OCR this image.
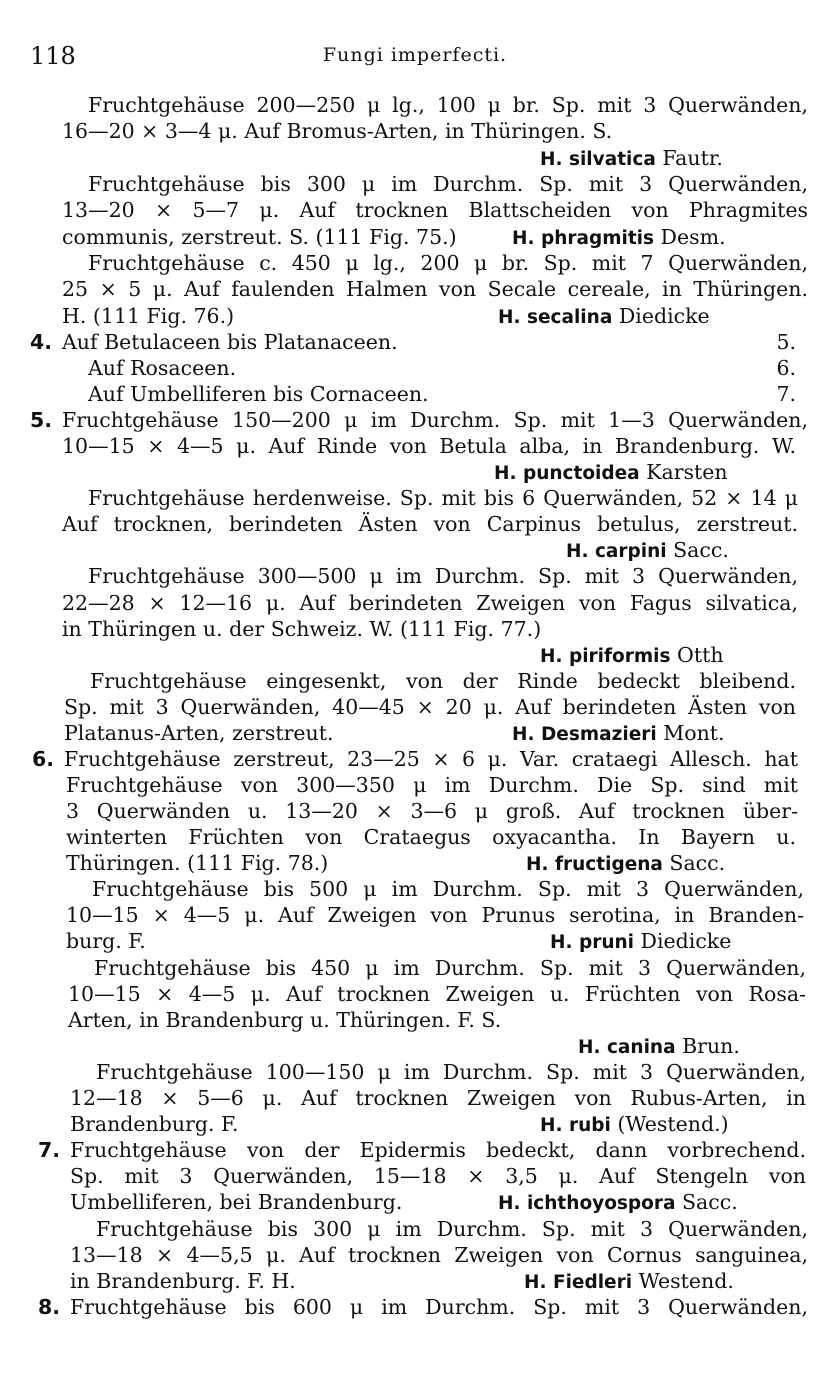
118	Fungi imperfecti.
Fruchtgehäuse 200—250 μ lg., 100 μ br. Sp. mit 3 Querwänden,
16—20 × 3—4 μ. Auf Bromus-Arten, in Thüringen. S.
H. silvatica Fautr.
Fruchtgehäuse bis 300 μ im Durchm. Sp. mit 3 Querwänden,
13—20 × 5—7 μ. Auf trocknen Blattscheiden von Phragmites
communis, zerstreut. S. (111 Fig. 75.)	H. phragmitis Desm.
Fruchtgehäuse c. 450 μ lg., 200 μ br. Sp. mit 7 Querwänden,
25 × 5 μ. Auf faulenden Halmen von Secale cereale, in Thüringen.
H. (111 Fig. 76.)	H. secalina Diedicke
4. Auf Betulaceen bis Platanaceen.	5.
Auf Rosaceen.	6.
Auf Umbelliferen bis Cornaceen.	7.
5. Fruchtgehäuse 150—200 μ im Durchm. Sp. mit 1—3 Querwänden,
10—15 × 4—5 μ. Auf Rinde von Betula alba, in Brandenburg. W.
H. punctoidea Karsten
Fruchtgehäuse herdenweise. Sp. mit bis 6 Querwänden, 52 × 14 μ
Auf trocknen, berindeten Ästen von Carpinus betulus, zerstreut.
H. carpini Sacc.
Fruchtgehäuse 300—500 μ im Durchm. Sp. mit 3 Querwänden,
22—28 × 12—16 μ. Auf berindeten Zweigen von Fagus silvatica,
in Thüringen u. der Schweiz. W. (111 Fig. 77.)
H. piriformis Otth
Fruchtgehäuse eingesenkt, von der Rinde bedeckt bleibend.
Sp. mit 3 Querwänden, 40—45 × 20 μ. Auf berindeten Ästen von
Platanus-Arten, zerstreut.	H. Desmazieri Mont.
6. Fruchtgehäuse zerstreut, 23—25 × 6 μ. Var. crataegi Allesch. hat
Fruchtgehäuse von 300—350 μ im Durchm. Die Sp. sind mit
3 Querwänden u. 13—20 × 3—6 μ groß. Auf trocknen über-
winterten Früchten von Crataegus oxyacantha. In Bayern u.
Thüringen. (111 Fig. 78.)	H. fructigena Sacc.
Fruchtgehäuse bis 500 μ im Durchm. Sp. mit 3 Querwänden,
10—15 × 4—5 μ. Auf Zweigen von Prunus serotina, in Branden-
burg. F.	H. pruni Diedicke
Fruchtgehäuse bis 450 μ im Durchm. Sp. mit 3 Querwänden,
10—15 × 4—5 μ. Auf trocknen Zweigen u. Früchten von Rosa-
Arten, in Brandenburg u. Thüringen. F. S.
H. canina Brun.
Fruchtgehäuse 100—150 μ im Durchm. Sp. mit 3 Querwänden,
12—18 × 5—6 μ. Auf trocknen Zweigen von Rubus-Arten, in
Brandenburg. F.	H. rubi (Westend.)
7. Fruchtgehäuse von der Epidermis bedeckt, dann vorbrechend.
Sp. mit 3 Querwänden, 15—18 × 3,5 μ. Auf Stengeln von
Umbelliferen, bei Brandenburg.	H. ichthoyospora Sacc.
Fruchtgehäuse bis 300 μ im Durchm. Sp. mit 3 Querwänden,
13—18 × 4—5,5 μ. Auf trocknen Zweigen von Cornus sanguinea,
in Brandenburg. F. H.	H. Fiedleri Westend.
8. Fruchtgehäuse bis 600 μ im Durchm. Sp. mit 3 Querwänden,
